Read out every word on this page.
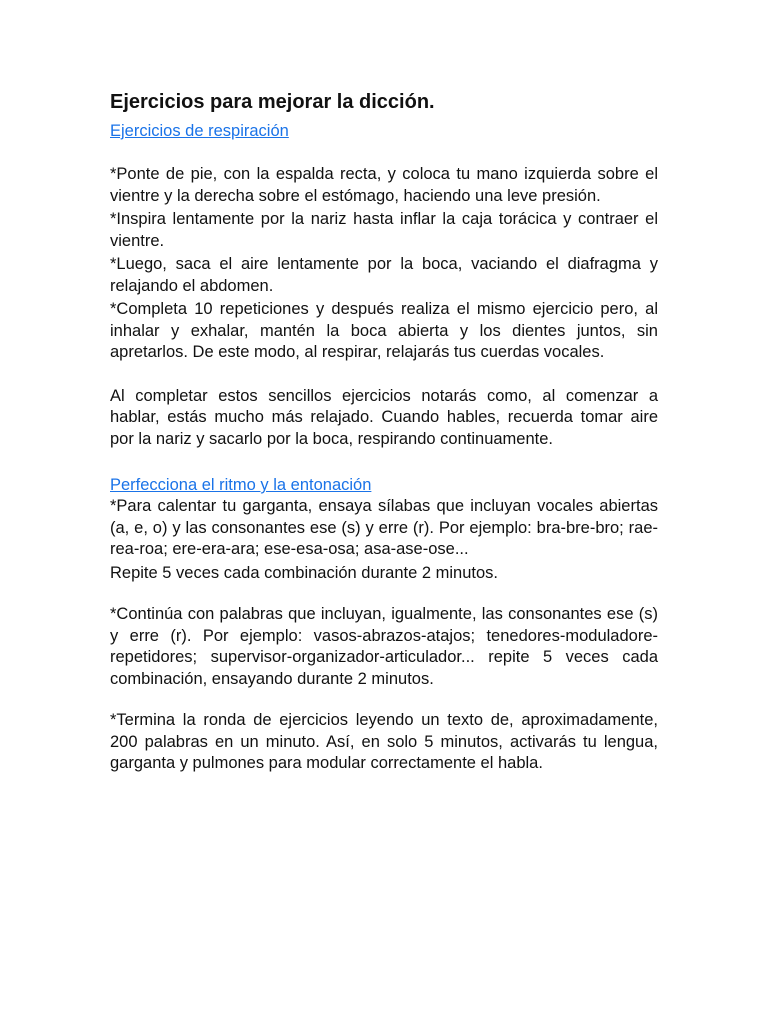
Ejercicios para mejorar la dicción.
Ejercicios de respiración

*Ponte de pie, con la espalda recta, y coloca tu mano izquierda sobre el vientre y la derecha sobre el estómago, haciendo una leve presión.

*Inspira lentamente por la nariz hasta inflar la caja torácica y contraer el vientre.

*Luego, saca el aire lentamente por la boca, vaciando el diafragma y relajando el abdomen.

*Completa 10 repeticiones y después realiza el mismo ejercicio pero, al inhalar y exhalar, mantén la boca abierta y los dientes juntos, sin apretarlos. De este modo, al respirar, relajarás tus cuerdas vocales.

Al completar estos sencillos ejercicios notarás como, al comenzar a hablar, estás mucho más relajado. Cuando hables, recuerda tomar aire por la nariz y sacarlo por la boca, respirando continuamente.

Perfecciona el ritmo y la entonación

*Para calentar tu garganta, ensaya sílabas que incluyan vocales abiertas (a, e, o) y las consonantes ese (s) y erre (r). Por ejemplo: bra-bre-bro; rae-rea-roa; ere-era-ara; ese-esa-osa; asa-ase-ose...

Repite 5 veces cada combinación durante 2 minutos.

*Continúa con palabras que incluyan, igualmente, las consonantes ese (s) y erre (r). Por ejemplo: vasos-abrazos-atajos; tenedores-moduladore-repetidores; supervisor-organizador-articulador... repite 5 veces cada combinación, ensayando durante 2 minutos.

*Termina la ronda de ejercicios leyendo un texto de, aproximadamente, 200 palabras en un minuto. Así, en solo 5 minutos, activarás tu lengua, garganta y pulmones para modular correctamente el habla.
